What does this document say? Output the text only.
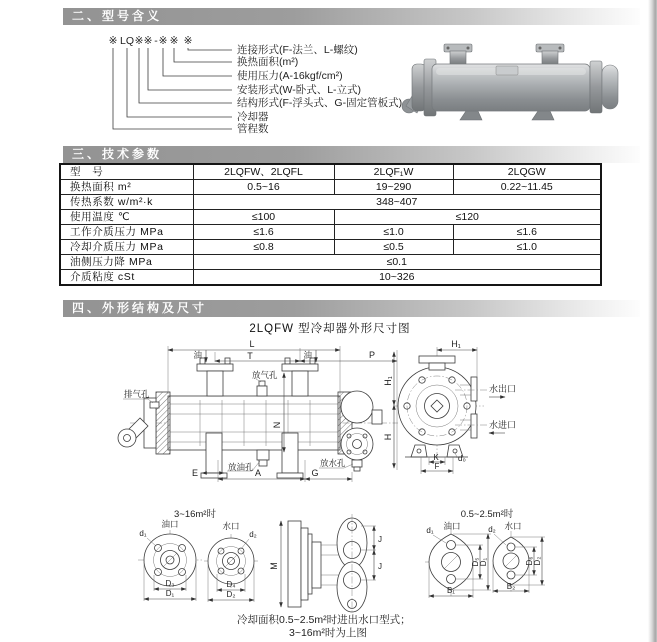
二、型号含义
※ LQ ※ ※ - ※ ※ ※
连接形式(F-法兰、L-螺纹)
换热面积(m²)
使用压力(A-16kgf/cm²)
安装形式(W-卧式、L-立式)
结构形式(F-浮头式、G-固定管板式)
冷却器
管程数
三、技术参数
型　号	2LQFW、2LQFL	2LQF₁W	2LQGW
换热面积 m²	0.5~16	19~290	0.22~11.45
传热系数 w/m²·k	348~407		
使用温度 ℃	≤100	≤120	
工作介质压力 MPa	≤1.6	≤1.0	≤1.6
冷却介质压力 MPa	≤0.8	≤0.5	≤1.0
油侧压力降 MPa	≤0.1		
介质粘度 cSt	10~326		
四、外形结构及尺寸
2LQFW 型冷却器外形尺寸图
L
T	P
油	油
放气孔
排气孔
N
H₁
H
E
放油孔
A	G
放水孔
水出口
水进口
H₁
K
F
d₀
3~16m²时
油口
d₁
D₃
D₁
水口
d₂
D₄
D₂
M
J
J
0.5~2.5m²时
油口
d₁
D₅ D₁
B₁
水口
d₂
D₆ D₂
B₂
冷却面积0.5~2.5m²时进出水口型式；
3~16m²时为上图
